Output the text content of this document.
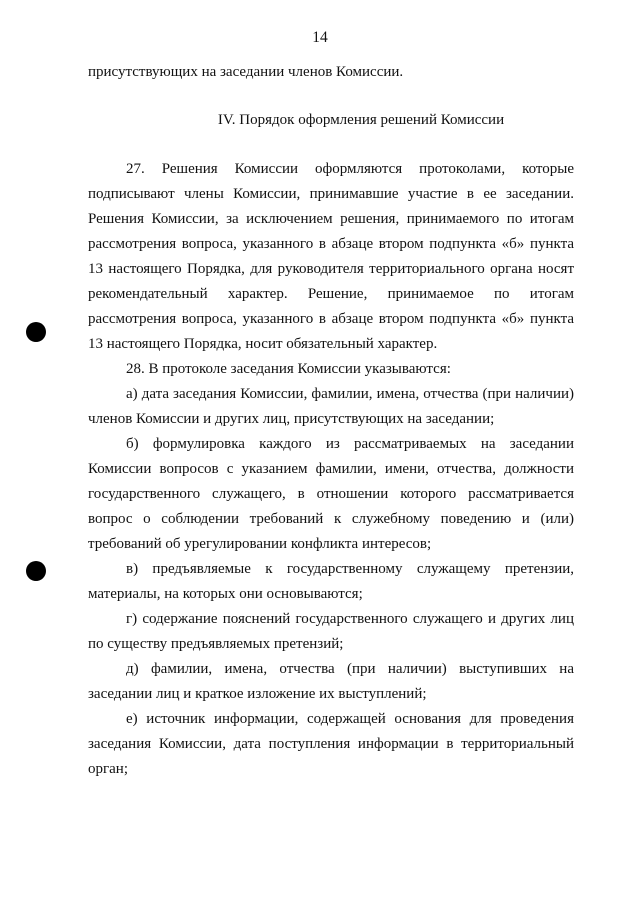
14
присутствующих на заседании членов Комиссии.
IV. Порядок оформления решений Комиссии
27. Решения Комиссии оформляются протоколами, которые
подписывают члены Комиссии, принимавшие участие в ее заседании.
Решения Комиссии, за исключением решения, принимаемого по итогам
рассмотрения вопроса, указанного в абзаце втором подпункта «б» пункта
13 настоящего Порядка, для руководителя территориального органа носят
рекомендательный характер. Решение, принимаемое по итогам
рассмотрения вопроса, указанного в абзаце втором подпункта «б» пункта
13 настоящего Порядка, носит обязательный характер.
28. В протоколе заседания Комиссии указываются:
а) дата заседания Комиссии, фамилии, имена, отчества (при наличии)
членов Комиссии и других лиц, присутствующих на заседании;
б) формулировка каждого из рассматриваемых на заседании
Комиссии вопросов с указанием фамилии, имени, отчества, должности
государственного служащего, в отношении которого рассматривается
вопрос о соблюдении требований к служебному поведению и (или)
требований об урегулировании конфликта интересов;
в) предъявляемые к государственному служащему претензии,
материалы, на которых они основываются;
г) содержание пояснений государственного служащего и других лиц
по существу предъявляемых претензий;
д) фамилии, имена, отчества (при наличии) выступивших на
заседании лиц и краткое изложение их выступлений;
е) источник информации, содержащей основания для проведения
заседания Комиссии, дата поступления информации в территориальный
орган;
